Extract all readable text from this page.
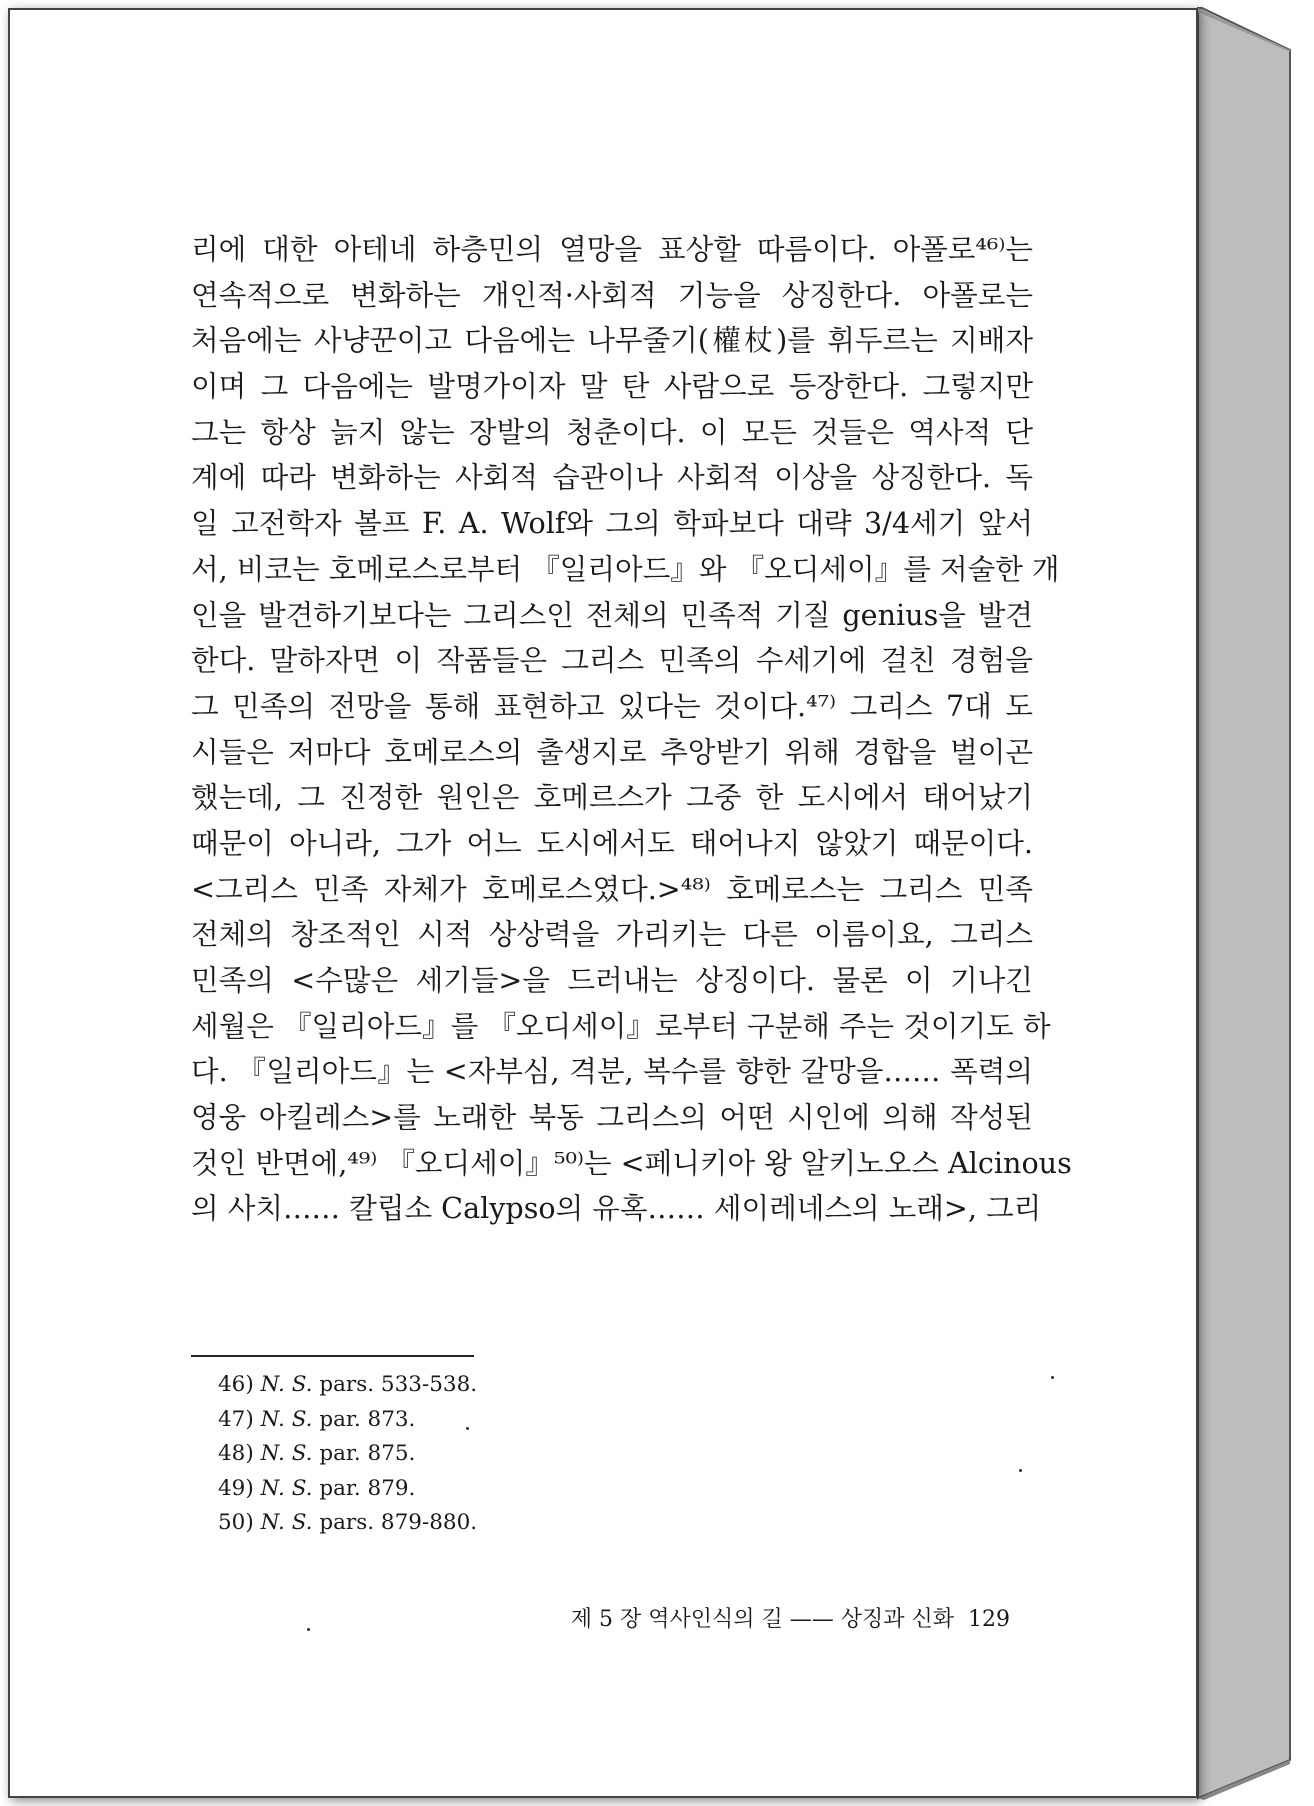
리에 대한 아테네 하층민의 열망을 표상할 따름이다. 아폴로⁴⁶⁾는
연속적으로 변화하는 개인적·사회적 기능을 상징한다. 아폴로는
처음에는 사냥꾼이고 다음에는 나무줄기(權杖)를 휘두르는 지배자
이며 그 다음에는 발명가이자 말 탄 사람으로 등장한다. 그렇지만
그는 항상 늙지 않는 장발의 청춘이다. 이 모든 것들은 역사적 단
계에 따라 변화하는 사회적 습관이나 사회적 이상을 상징한다. 독
일 고전학자 볼프 F. A. Wolf와 그의 학파보다 대략 3/4세기 앞서
서, 비코는 호메로스로부터 『일리아드』와 『오디세이』를 저술한 개
인을 발견하기보다는 그리스인 전체의 민족적 기질 genius을 발견
한다. 말하자면 이 작품들은 그리스 민족의 수세기에 걸친 경험을
그 민족의 전망을 통해 표현하고 있다는 것이다.⁴⁷⁾ 그리스 7대 도
시들은 저마다 호메로스의 출생지로 추앙받기 위해 경합을 벌이곤
했는데, 그 진정한 원인은 호메르스가 그중 한 도시에서 태어났기
때문이 아니라, 그가 어느 도시에서도 태어나지 않았기 때문이다.
<그리스 민족 자체가 호메로스였다.>⁴⁸⁾ 호메로스는 그리스 민족
전체의 창조적인 시적 상상력을 가리키는 다른 이름이요, 그리스
민족의 <수많은 세기들>을 드러내는 상징이다. 물론 이 기나긴
세월은 『일리아드』를 『오디세이』로부터 구분해 주는 것이기도 하
다. 『일리아드』는 <자부심, 격분, 복수를 향한 갈망을…… 폭력의
영웅 아킬레스>를 노래한 북동 그리스의 어떤 시인에 의해 작성된
것인 반면에,⁴⁹⁾ 『오디세이』⁵⁰⁾는 <페니키아 왕 알키노오스 Alcinous
의 사치…… 칼립소 Calypso의 유혹…… 세이레네스의 노래>, 그리
46) N. S. pars. 533-538.
47) N. S. par. 873.
48) N. S. par. 875.
49) N. S. par. 879.
50) N. S. pars. 879-880.
제 5 장 역사인식의 길 —— 상징과 신화 129
